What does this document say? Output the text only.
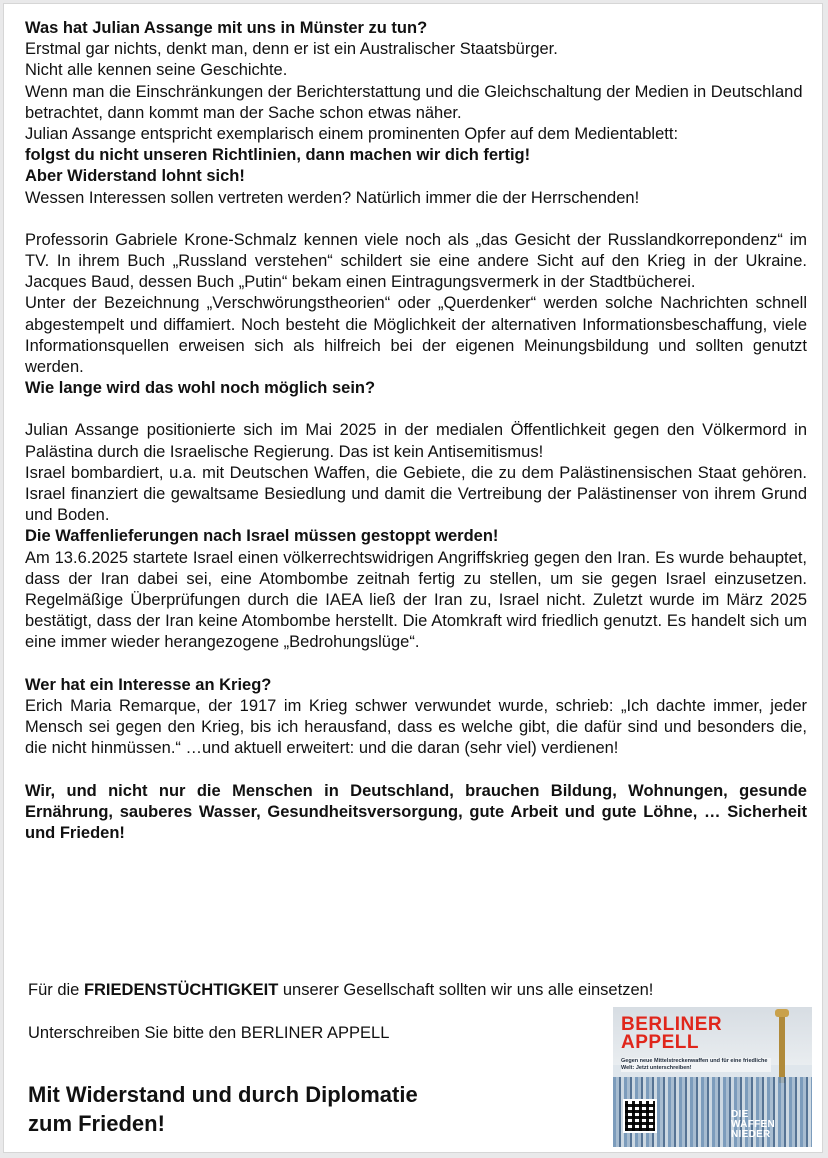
Was hat Julian Assange mit uns in Münster zu tun?

Erstmal gar nichts, denkt man, denn er ist ein Australischer Staatsbürger.

Nicht alle kennen seine Geschichte.

Wenn man die Einschränkungen der Berichterstattung und die Gleichschaltung der Medien in Deutschland betrachtet, dann kommt man der Sache schon etwas näher.

Julian Assange entspricht exemplarisch einem prominenten Opfer auf dem Medientablett:

folgst du nicht unseren Richtlinien, dann machen wir dich fertig!

Aber Widerstand lohnt sich!

Wessen Interessen sollen vertreten werden? Natürlich immer die der Herrschenden!

Professorin Gabriele Krone-Schmalz kennen viele noch als „das Gesicht der Russlandkorrepondenz“ im TV. In ihrem Buch „Russland verstehen“ schildert sie eine andere Sicht auf den Krieg in der Ukraine. Jacques Baud, dessen Buch „Putin“ bekam einen Eintragungsvermerk in der Stadtbücherei.

Unter der Bezeichnung „Verschwörungstheorien“ oder „Querdenker“ werden solche Nachrichten schnell abgestempelt und diffamiert. Noch besteht die Möglichkeit der alternativen Informationsbeschaffung, viele Informationsquellen erweisen sich als hilfreich bei der eigenen Meinungsbildung und sollten genutzt werden.

Wie lange wird das wohl noch möglich sein?

Julian Assange positionierte sich im Mai 2025 in der medialen Öffentlichkeit gegen den Völkermord in Palästina durch die Israelische Regierung. Das ist kein Antisemitismus!

Israel bombardiert, u.a. mit Deutschen Waffen, die Gebiete, die zu dem Palästinensischen Staat gehören. Israel finanziert die gewaltsame Besiedlung und damit die Vertreibung der Palästinenser von ihrem Grund und Boden.

Die Waffenlieferungen nach Israel müssen gestoppt werden!

Am 13.6.2025 startete Israel einen völkerrechtswidrigen Angriffskrieg gegen den Iran. Es wurde behauptet, dass der Iran dabei sei, eine Atombombe zeitnah fertig zu stellen, um sie gegen Israel einzusetzen. Regelmäßige Überprüfungen durch die IAEA ließ der Iran zu, Israel nicht. Zuletzt wurde im März 2025 bestätigt, dass der Iran keine Atombombe herstellt. Die Atomkraft wird friedlich genutzt. Es handelt sich um eine immer wieder herangezogene „Bedrohungslüge“.

Wer hat ein Interesse an Krieg?

Erich Maria Remarque, der 1917 im Krieg schwer verwundet wurde, schrieb: „Ich dachte immer, jeder Mensch sei gegen den Krieg, bis ich herausfand, dass es welche gibt, die dafür sind und besonders die, die nicht hinmüssen.“ …und aktuell erweitert: und die daran (sehr viel) verdienen!

Wir, und nicht nur die Menschen in Deutschland, brauchen Bildung, Wohnungen, gesunde Ernährung, sauberes Wasser, Gesundheitsversorgung, gute Arbeit und gute Löhne, … Sicherheit und Frieden!

Für die FRIEDENSTÜCHTIGKEIT unserer Gesellschaft sollten wir uns alle einsetzen!

Unterschreiben Sie bitte den BERLINER APPELL

Mit Widerstand und durch Diplomatie
zum Frieden!
BERLINER
APPELL
Gegen neue Mittelstreckenwaffen und für eine friedliche Welt: Jetzt unterschreiben!
DIE
WAFFEN
NIEDER
